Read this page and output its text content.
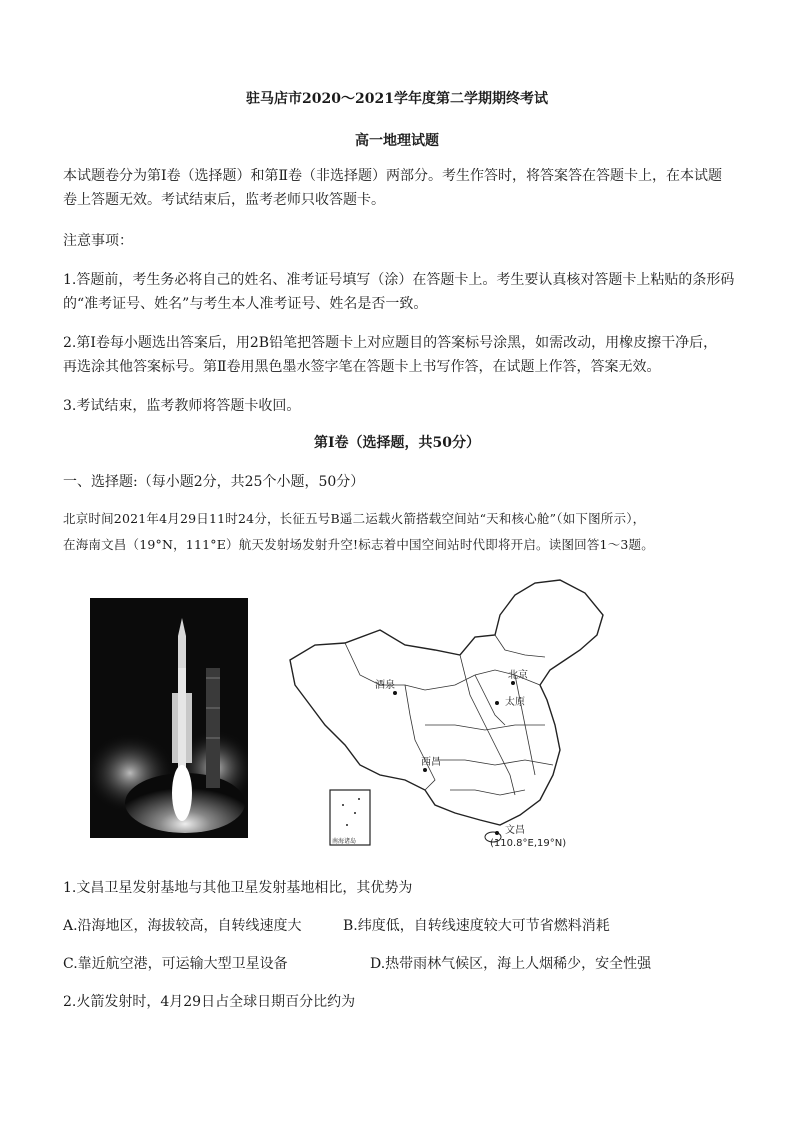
驻马店市2020～2021学年度第二学期期终考试
高一地理试题
本试题卷分为第Ⅰ卷（选择题）和第Ⅱ卷（非选择题）两部分。考生作答时，将答案答在答题卡上，在本试题
卷上答题无效。考试结束后，监考老师只收答题卡。
注意事项：
1.答题前，考生务必将自己的姓名、准考证号填写（涂）在答题卡上。考生要认真核对答题卡上粘贴的条形码
的“准考证号、姓名”与考生本人准考证号、姓名是否一致。
2.第Ⅰ卷每小题选出答案后，用2B铅笔把答题卡上对应题目的答案标号涂黑，如需改动，用橡皮擦干净后，
再选涂其他答案标号。第Ⅱ卷用黑色墨水签字笔在答题卡上书写作答，在试题上作答，答案无效。
3.考试结束，监考教师将答题卡收回。
第Ⅰ卷（选择题，共50分）
一、选择题:（每小题2分，共25个小题，50分）
北京时间2021年4月29日11时24分，长征五号B遥二运载火箭搭载空间站“天和核心舱”（如下图所示），
在海南文昌（19°N，111°E）航天发射场发射升空!标志着中国空间站时代即将开启。读图回答1～3题。
酒泉
北京
太原
西昌
文昌
(110.8°E,19°N)
南海诸岛
1.文昌卫星发射基地与其他卫星发射基地相比，其优势为
A.沿海地区，海拔较高，自转线速度大	B.纬度低，自转线速度较大可节省燃料消耗
C.靠近航空港，可运输大型卫星设备	D.热带雨林气候区，海上人烟稀少，安全性强
2.火箭发射时，4月29日占全球日期百分比约为
